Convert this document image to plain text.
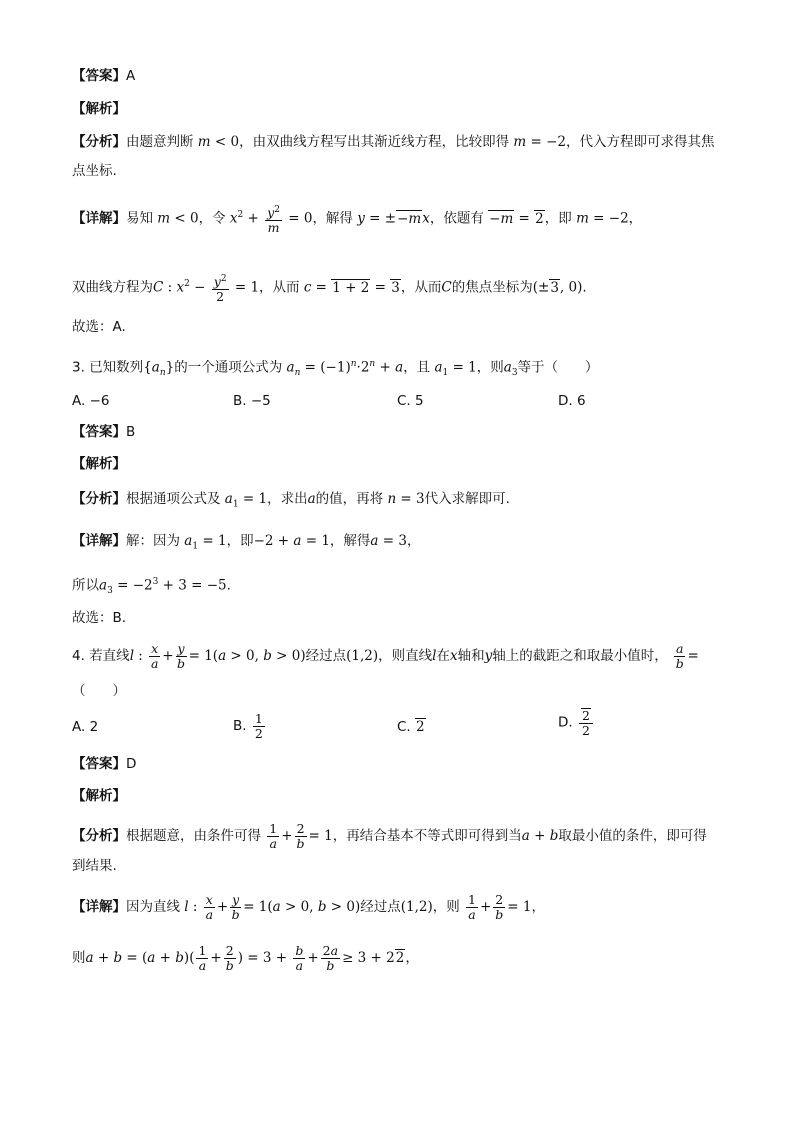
【答案】A
【解析】
【分析】由题意判断 m < 0，由双曲线方程写出其渐近线方程，比较即得 m = −2，代入方程即可求得其焦
点坐标.
【详解】易知 m < 0，令 $x^2 + \frac{y^2}{m} = 0$，解得 y = ±−mx，依题有 −m = 2，即 m = −2，
双曲线方程为C : $x^2 - \frac{y^2}{2} = 1$，从而 c = 1 + 2 = 3，从而C的焦点坐标为(±3, 0).
故选：A.
3. 已知数列$\{a_n\}$的一个通项公式为 $a_n = (-1)^n\cdot 2^n + a$，且 $a_1 = 1$，则$a_3$等于（　　）
A. −6	B. −5	C. 5	D. 6
【答案】B
【解析】
【分析】根据通项公式及 $a_1 = 1$，求出a的值，再将 n = 3代入求解即可.
【详解】解：因为 $a_1 = 1$，即−2 + a = 1，解得a = 3，
所以$a_3 = -2^3 + 3 = -5$.
故选：B.
4. 若直线l : $\frac{x}{a} + \frac{y}{b} = 1(a > 0$, b > 0)经过点(1,2)，则直线l在x轴和y轴上的截距之和取最小值时， $\frac{a}{b}$ =
（　　）
A. 2	B. $\frac{1}{2}$	C. 2	D. $\frac{2}{2}$
【答案】D
【解析】
【分析】根据题意，由条件可得 $\frac{1}{a} + \frac{2}{b} = 1$，再结合基本不等式即可得到当a + b取最小值的条件，即可得
到结果.
【详解】因为直线 l : $\frac{x}{a} + \frac{y}{b} = 1(a > 0$, b > 0)经过点(1,2)，则 $\frac{1}{a} + \frac{2}{b} = 1$，
则$a + b = (a + b)( \frac{1}{a} + \frac{2}{b}$ ) = $3 + \frac{b}{a} + \frac{2a}{b} \ge 3 + 22$，
